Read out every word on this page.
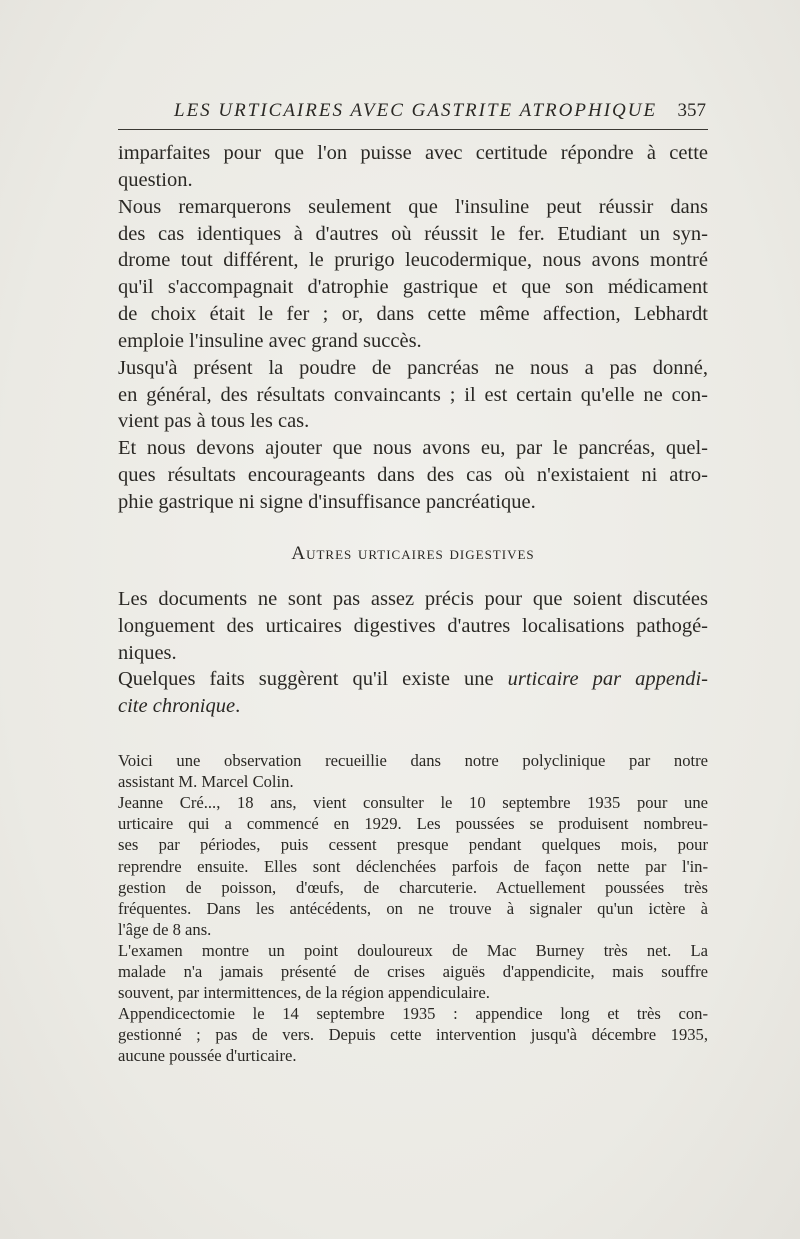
LES URTICAIRES AVEC GASTRITE ATROPHIQUE 357
imparfaites pour que l'on puisse avec certitude répondre à cette
question.
Nous remarquerons seulement que l'insuline peut réussir dans
des cas identiques à d'autres où réussit le fer. Etudiant un syn-
drome tout différent, le prurigo leucodermique, nous avons montré
qu'il s'accompagnait d'atrophie gastrique et que son médicament
de choix était le fer ; or, dans cette même affection, Lebhardt
emploie l'insuline avec grand succès.
Jusqu'à présent la poudre de pancréas ne nous a pas donné,
en général, des résultats convaincants ; il est certain qu'elle ne con-
vient pas à tous les cas.
Et nous devons ajouter que nous avons eu, par le pancréas, quel-
ques résultats encourageants dans des cas où n'existaient ni atro-
phie gastrique ni signe d'insuffisance pancréatique.
Autres urticaires digestives
Les documents ne sont pas assez précis pour que soient discutées
longuement des urticaires digestives d'autres localisations pathogé-
niques.
Quelques faits suggèrent qu'il existe une urticaire par appendi-
cite chronique.
Voici une observation recueillie dans notre polyclinique par notre
assistant M. Marcel Colin.
Jeanne Cré..., 18 ans, vient consulter le 10 septembre 1935 pour une
urticaire qui a commencé en 1929. Les poussées se produisent nombreu-
ses par périodes, puis cessent presque pendant quelques mois, pour
reprendre ensuite. Elles sont déclenchées parfois de façon nette par l'in-
gestion de poisson, d'œufs, de charcuterie. Actuellement poussées très
fréquentes. Dans les antécédents, on ne trouve à signaler qu'un ictère à
l'âge de 8 ans.
L'examen montre un point douloureux de Mac Burney très net. La
malade n'a jamais présenté de crises aiguës d'appendicite, mais souffre
souvent, par intermittences, de la région appendiculaire.
Appendicectomie le 14 septembre 1935 : appendice long et très con-
gestionné ; pas de vers. Depuis cette intervention jusqu'à décembre 1935,
aucune poussée d'urticaire.
